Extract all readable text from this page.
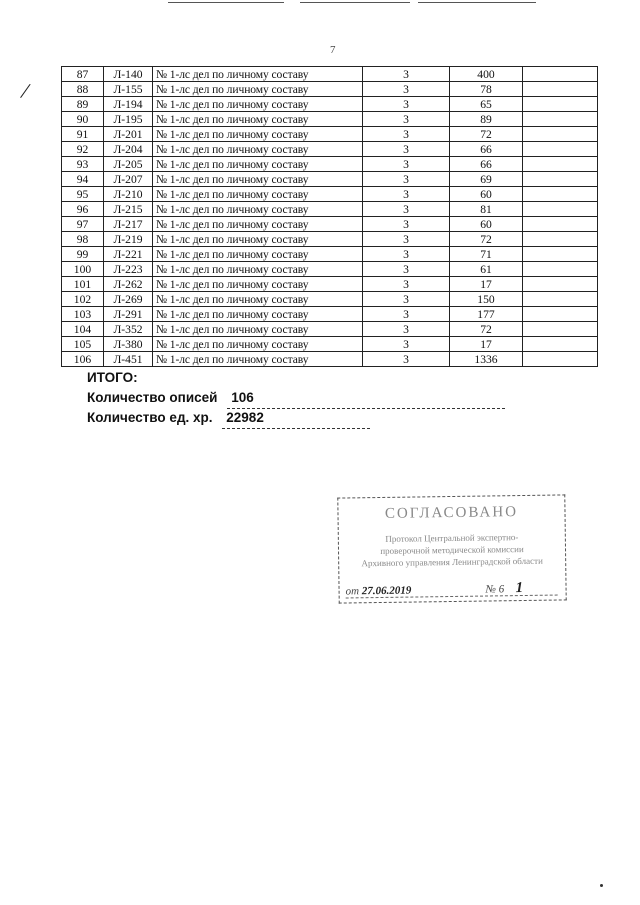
7
/
87	Л-140	№ 1-лс дел по личному составу	3	400	
88	Л-155	№ 1-лс дел по личному составу	3	78	
89	Л-194	№ 1-лс дел по личному составу	3	65	
90	Л-195	№ 1-лс дел по личному составу	3	89	
91	Л-201	№ 1-лс дел по личному составу	3	72	
92	Л-204	№ 1-лс дел по личному составу	3	66	
93	Л-205	№ 1-лс дел по личному составу	3	66	
94	Л-207	№ 1-лс дел по личному составу	3	69	
95	Л-210	№ 1-лс дел по личному составу	3	60	
96	Л-215	№ 1-лс дел по личному составу	3	81	
97	Л-217	№ 1-лс дел по личному составу	3	60	
98	Л-219	№ 1-лс дел по личному составу	3	72	
99	Л-221	№ 1-лс дел по личному составу	3	71	
100	Л-223	№ 1-лс дел по личному составу	3	61	
101	Л-262	№ 1-лс дел по личному составу	3	17	
102	Л-269	№ 1-лс дел по личному составу	3	150	
103	Л-291	№ 1-лс дел по личному составу	3	177	
104	Л-352	№ 1-лс дел по личному составу	3	72	
105	Л-380	№ 1-лс дел по личному составу	3	17	
106	Л-451	№ 1-лс дел по личному составу	3	1336	
ИТОГО:
Количество описей 106
Количество ед. хр. 22982
СОГЛАСОВАНО
Протокол Центральной экспертно-
проверочной методической комиссии
Архивного управления Ленинградской области
от 27.06.2019	№ 6 1
